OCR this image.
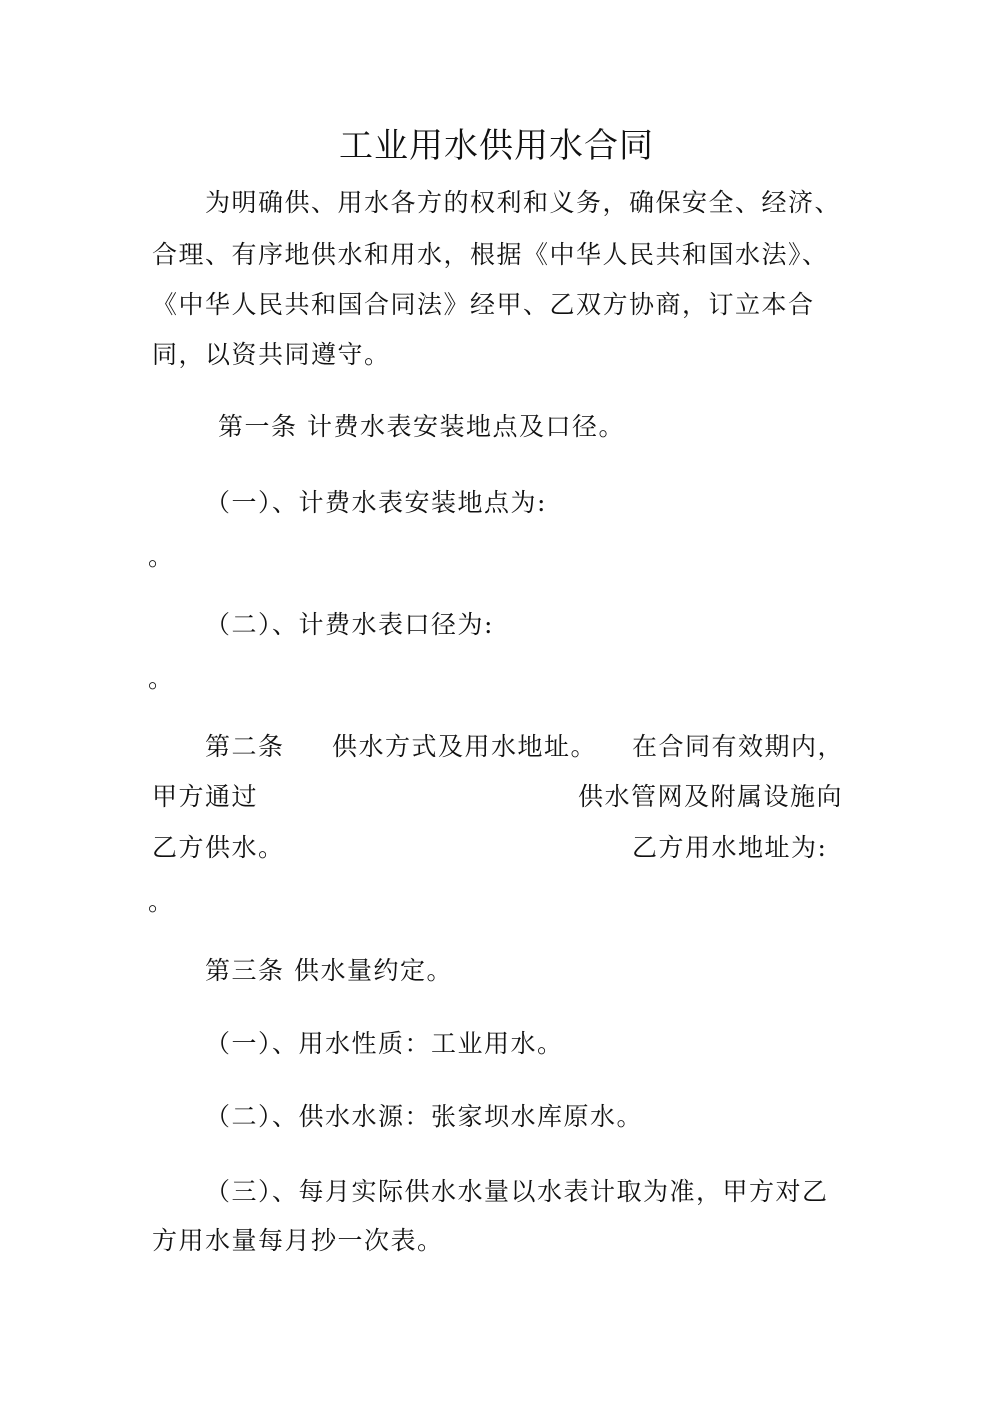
工业用水供用水合同
为明确供、用水各方的权利和义务，确保安全、经济、
合理、有序地供水和用水，根据《中华人民共和国水法》、
《中华人民共和国合同法》经甲、乙双方协商，订立本合
同，以资共同遵守。
第一条 计费水表安装地点及口径。
（一）、计费水表安装地点为:
。
（二）、计费水表口径为:
。
第二条 供水方式及用水地址。 在合同有效期内，
甲方通过	供水管网及附属设施向
乙方供水。	乙方用水地址为:
。
第三条 供水量约定。
（一）、用水性质：工业用水。
（二）、供水水源：张家坝水库原水。
（三）、每月实际供水水量以水表计取为准，甲方对乙
方用水量每月抄一次表。
